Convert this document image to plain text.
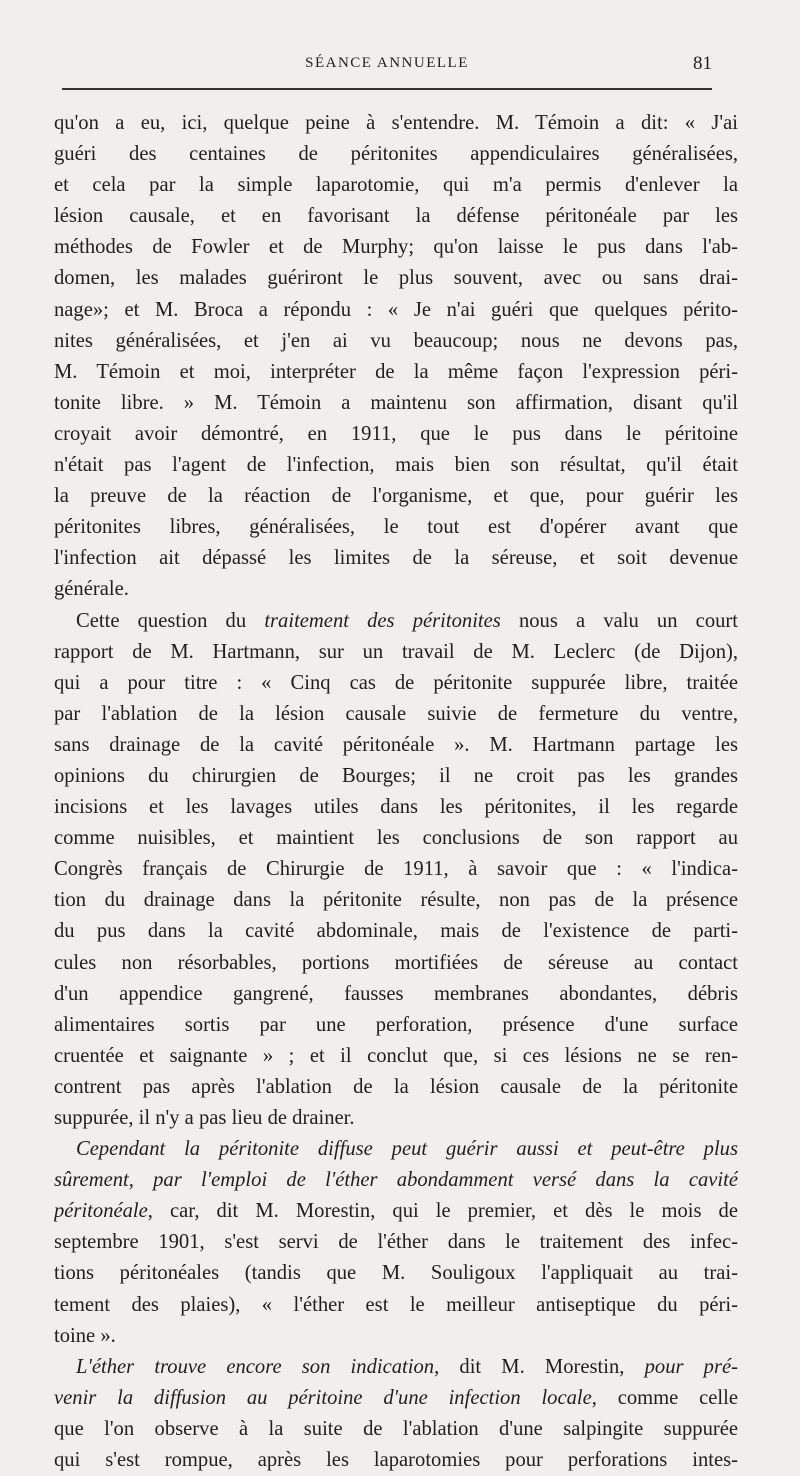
SÉANCE ANNUELLE	81
qu'on a eu, ici, quelque peine à s'entendre. M. Témoin a dit: « J'ai
guéri des centaines de péritonites appendiculaires généralisées,
et cela par la simple laparotomie, qui m'a permis d'enlever la
lésion causale, et en favorisant la défense péritonéale par les
méthodes de Fowler et de Murphy; qu'on laisse le pus dans l'ab-
domen, les malades guériront le plus souvent, avec ou sans drai-
nage»; et M. Broca a répondu : « Je n'ai guéri que quelques périto-
nites généralisées, et j'en ai vu beaucoup; nous ne devons pas,
M. Témoin et moi, interpréter de la même façon l'expression péri-
tonite libre. » M. Témoin a maintenu son affirmation, disant qu'il
croyait avoir démontré, en 1911, que le pus dans le péritoine
n'était pas l'agent de l'infection, mais bien son résultat, qu'il était
la preuve de la réaction de l'organisme, et que, pour guérir les
péritonites libres, généralisées, le tout est d'opérer avant que
l'infection ait dépassé les limites de la séreuse, et soit devenue
générale.
Cette question du traitement des péritonites nous a valu un court
rapport de M. Hartmann, sur un travail de M. Leclerc (de Dijon),
qui a pour titre : « Cinq cas de péritonite suppurée libre, traitée
par l'ablation de la lésion causale suivie de fermeture du ventre,
sans drainage de la cavité péritonéale ». M. Hartmann partage les
opinions du chirurgien de Bourges; il ne croit pas les grandes
incisions et les lavages utiles dans les péritonites, il les regarde
comme nuisibles, et maintient les conclusions de son rapport au
Congrès français de Chirurgie de 1911, à savoir que : « l'indica-
tion du drainage dans la péritonite résulte, non pas de la présence
du pus dans la cavité abdominale, mais de l'existence de parti-
cules non résorbables, portions mortifiées de séreuse au contact
d'un appendice gangrené, fausses membranes abondantes, débris
alimentaires sortis par une perforation, présence d'une surface
cruentée et saignante » ; et il conclut que, si ces lésions ne se ren-
contrent pas après l'ablation de la lésion causale de la péritonite
suppurée, il n'y a pas lieu de drainer.
Cependant la péritonite diffuse peut guérir aussi et peut-être plus
sûrement, par l'emploi de l'éther abondamment versé dans la cavité
péritonéale, car, dit M. Morestin, qui le premier, et dès le mois de
septembre 1901, s'est servi de l'éther dans le traitement des infec-
tions péritonéales (tandis que M. Souligoux l'appliquait au trai-
tement des plaies), « l'éther est le meilleur antiseptique du péri-
toine ».
L'éther trouve encore son indication, dit M. Morestin, pour pré-
venir la diffusion au péritoine d'une infection locale, comme celle
que l'on observe à la suite de l'ablation d'une salpingite suppurée
qui s'est rompue, après les laparotomies pour perforations intes-
